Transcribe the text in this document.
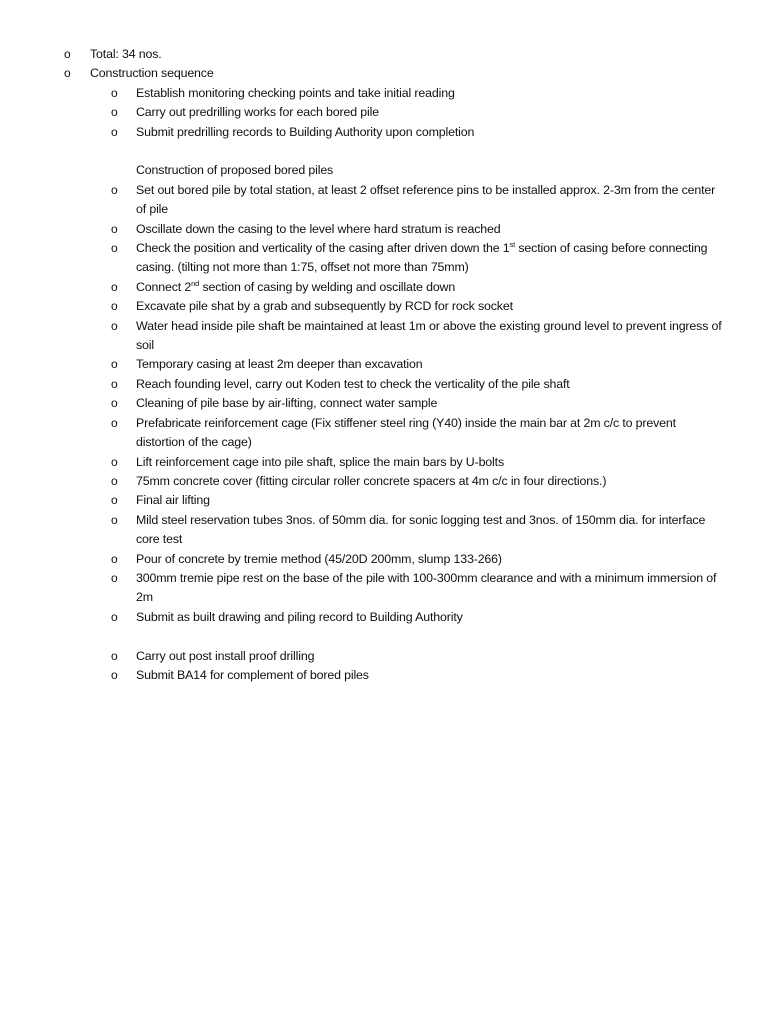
o Total: 34 nos.
o Construction sequence
o Establish monitoring checking points and take initial reading
o Carry out predrilling works for each bored pile
o Submit predrilling records to Building Authority upon completion
Construction of proposed bored piles
o Set out bored pile by total station, at least 2 offset reference pins to be installed approx. 2-3m from the center of pile
o Oscillate down the casing to the level where hard stratum is reached
o Check the position and verticality of the casing after driven down the 1st section of casing before connecting casing. (tilting not more than 1:75, offset not more than 75mm)
o Connect 2nd section of casing by welding and oscillate down
o Excavate pile shat by a grab and subsequently by RCD for rock socket
o Water head inside pile shaft be maintained at least 1m or above the existing ground level to prevent ingress of soil
o Temporary casing at least 2m deeper than excavation
o Reach founding level, carry out Koden test to check the verticality of the pile shaft
o Cleaning of pile base by air-lifting, connect water sample
o Prefabricate reinforcement cage (Fix stiffener steel ring (Y40) inside the main bar at 2m c/c to prevent distortion of the cage)
o Lift reinforcement cage into pile shaft, splice the main bars by U-bolts
o 75mm concrete cover (fitting circular roller concrete spacers at 4m c/c in four directions.)
o Final air lifting
o Mild steel reservation tubes 3nos. of 50mm dia. for sonic logging test and 3nos. of 150mm dia. for interface core test
o Pour of concrete by tremie method (45/20D 200mm, slump 133-266)
o 300mm tremie pipe rest on the base of the pile with 100-300mm clearance and with a minimum immersion of 2m
o Submit as built drawing and piling record to Building Authority
o Carry out post install proof drilling
o Submit BA14 for complement of bored piles
